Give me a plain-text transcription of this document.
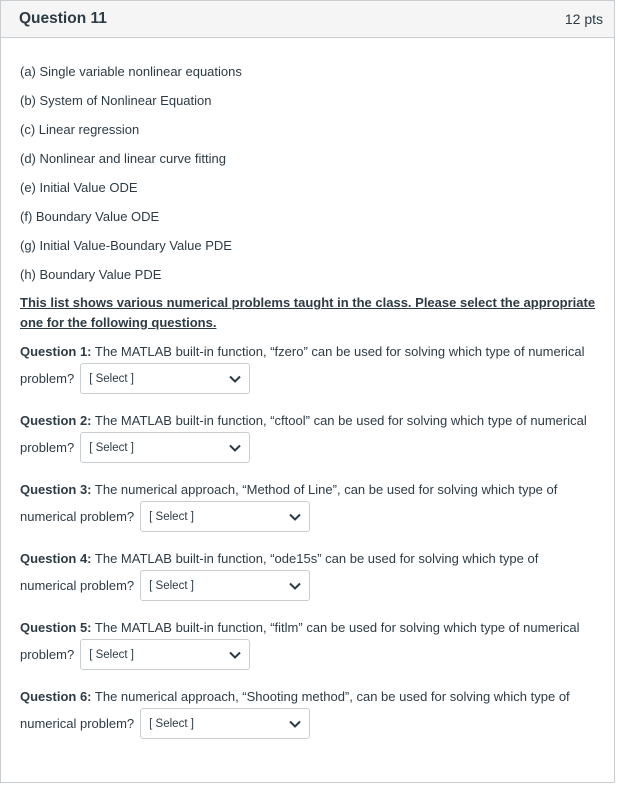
Question 11	12 pts
(a) Single variable nonlinear equations
(b) System of Nonlinear Equation
(c) Linear regression
(d) Nonlinear and linear curve fitting
(e) Initial Value ODE
(f) Boundary Value ODE
(g) Initial Value-Boundary Value PDE
(h) Boundary Value PDE
This list shows various numerical problems taught in the class. Please select the appropriate one for the following questions.
Question 1: The MATLAB built-in function, “fzero” can be used for solving which type of numerical
problem? [ Select ]
Question 2: The MATLAB built-in function, “cftool” can be used for solving which type of numerical
problem? [ Select ]
Question 3: The numerical approach, “Method of Line”, can be used for solving which type of
numerical problem? [ Select ]
Question 4: The MATLAB built-in function, “ode15s” can be used for solving which type of
numerical problem? [ Select ]
Question 5: The MATLAB built-in function, “fitlm” can be used for solving which type of numerical
problem? [ Select ]
Question 6: The numerical approach, “Shooting method”, can be used for solving which type of
numerical problem? [ Select ]
